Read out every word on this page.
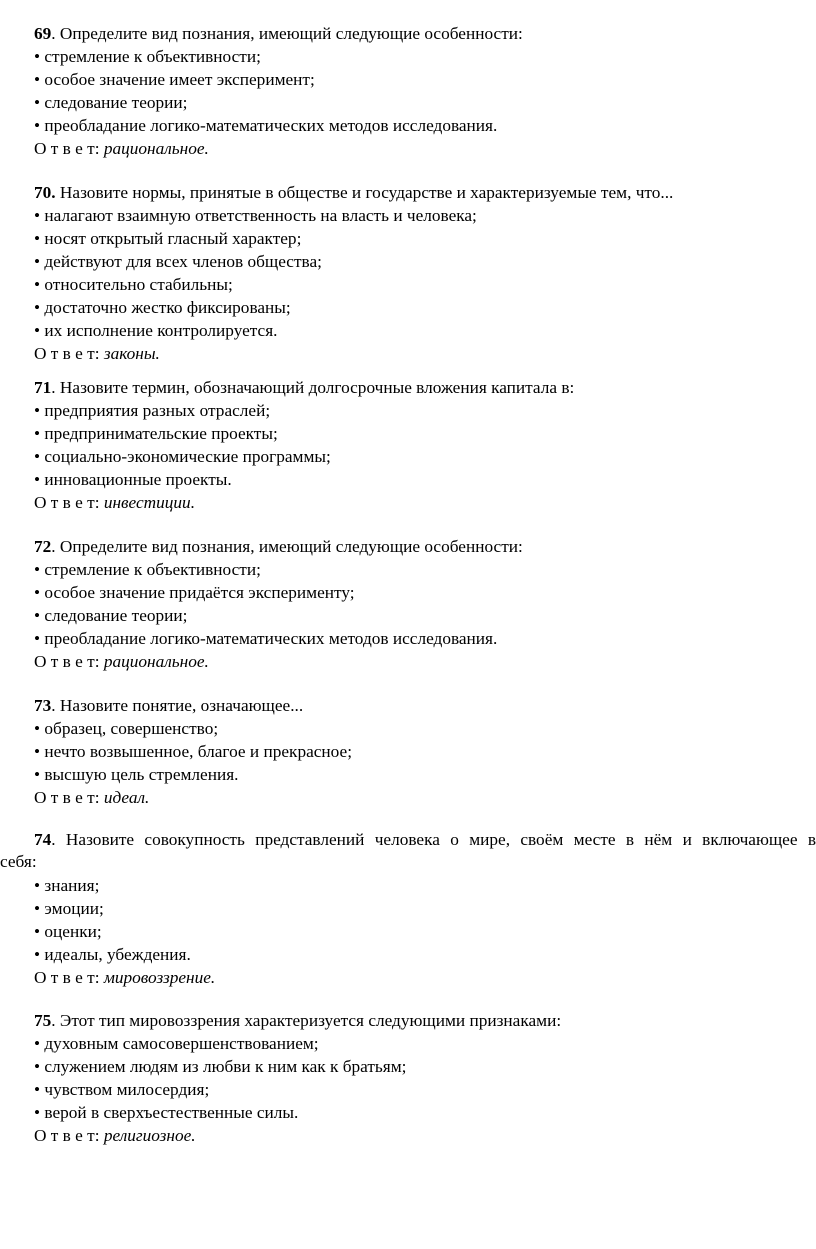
69. Определите вид познания, имеющий следующие особенности:
• стремление к объективности;
• особое значение имеет эксперимент;
• следование теории;
• преобладание логико-математических методов исследования.
О т в е т: рациональное.
70. Назовите нормы, принятые в обществе и государстве и характеризуемые тем, что...
• налагают взаимную ответственность на власть и человека;
• носят открытый гласный характер;
• действуют для всех членов общества;
• относительно стабильны;
• достаточно жестко фиксированы;
• их исполнение контролируется.
О т в е т: законы.
71. Назовите термин, обозначающий долгосрочные вложения капитала в:
• предприятия разных отраслей;
• предпринимательские проекты;
• социально-экономические программы;
• инновационные проекты.
О т в е т: инвестиции.
72. Определите вид познания, имеющий следующие особенности:
• стремление к объективности;
• особое значение придаётся эксперименту;
• следование теории;
• преобладание логико-математических методов исследования.
О т в е т: рациональное.
73. Назовите понятие, означающее...
• образец, совершенство;
• нечто возвышенное, благое и прекрасное;
• высшую цель стремления.
О т в е т: идеал.
74. Назовите совокупность представлений человека о мире, своём месте в нём и включающее в
себя:
• знания;
• эмоции;
• оценки;
• идеалы, убеждения.
О т в е т: мировоззрение.
75. Этот тип мировоззрения характеризуется следующими признаками:
• духовным самосовершенствованием;
• служением людям из любви к ним как к братьям;
• чувством милосердия;
• верой в сверхъестественные силы.
О т в е т: религиозное.
